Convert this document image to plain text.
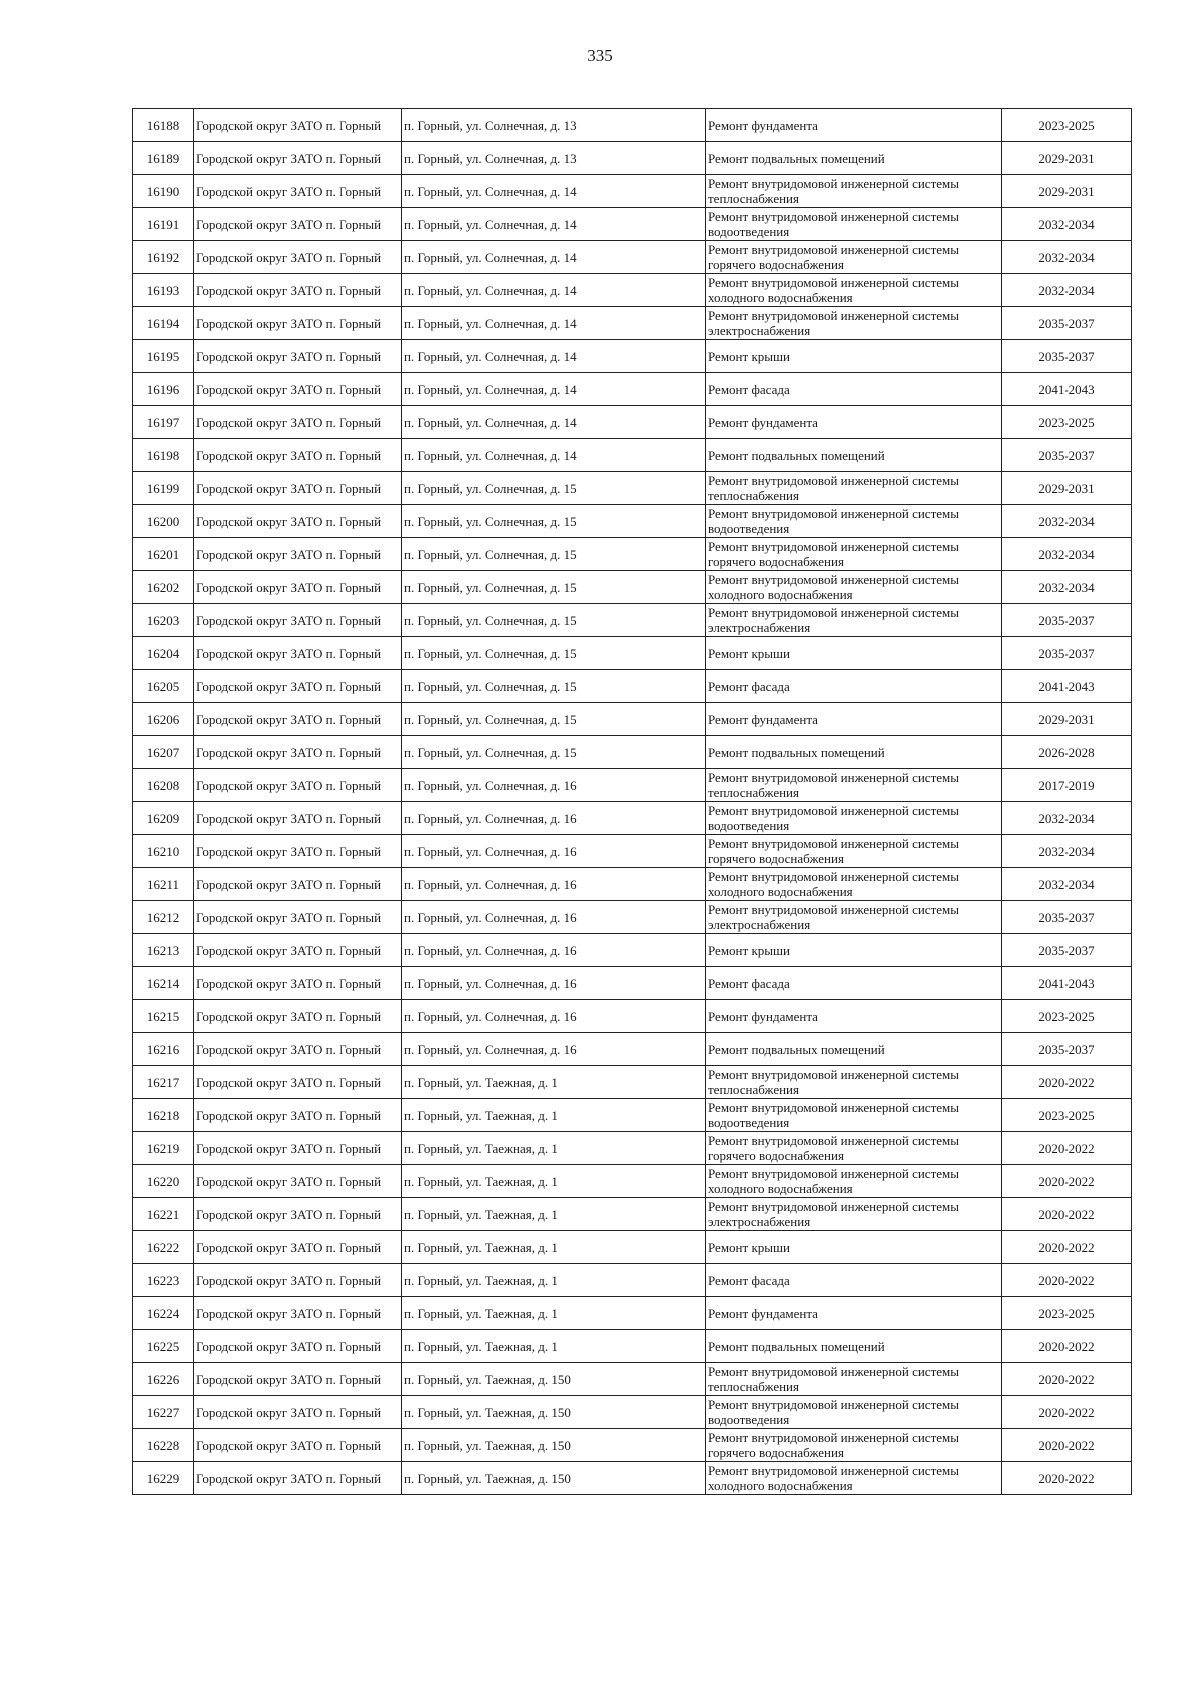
335
16188	Городской округ ЗАТО п. Горный	п. Горный, ул. Солнечная, д. 13	Ремонт фундамента	2023-2025
16189	Городской округ ЗАТО п. Горный	п. Горный, ул. Солнечная, д. 13	Ремонт подвальных помещений	2029-2031
16190	Городской округ ЗАТО п. Горный	п. Горный, ул. Солнечная, д. 14	Ремонт внутридомовой инженерной системы теплоснабжения	2029-2031
16191	Городской округ ЗАТО п. Горный	п. Горный, ул. Солнечная, д. 14	Ремонт внутридомовой инженерной системы водоотведения	2032-2034
16192	Городской округ ЗАТО п. Горный	п. Горный, ул. Солнечная, д. 14	Ремонт внутридомовой инженерной системы горячего водоснабжения	2032-2034
16193	Городской округ ЗАТО п. Горный	п. Горный, ул. Солнечная, д. 14	Ремонт внутридомовой инженерной системы холодного водоснабжения	2032-2034
16194	Городской округ ЗАТО п. Горный	п. Горный, ул. Солнечная, д. 14	Ремонт внутридомовой инженерной системы электроснабжения	2035-2037
16195	Городской округ ЗАТО п. Горный	п. Горный, ул. Солнечная, д. 14	Ремонт крыши	2035-2037
16196	Городской округ ЗАТО п. Горный	п. Горный, ул. Солнечная, д. 14	Ремонт фасада	2041-2043
16197	Городской округ ЗАТО п. Горный	п. Горный, ул. Солнечная, д. 14	Ремонт фундамента	2023-2025
16198	Городской округ ЗАТО п. Горный	п. Горный, ул. Солнечная, д. 14	Ремонт подвальных помещений	2035-2037
16199	Городской округ ЗАТО п. Горный	п. Горный, ул. Солнечная, д. 15	Ремонт внутридомовой инженерной системы теплоснабжения	2029-2031
16200	Городской округ ЗАТО п. Горный	п. Горный, ул. Солнечная, д. 15	Ремонт внутридомовой инженерной системы водоотведения	2032-2034
16201	Городской округ ЗАТО п. Горный	п. Горный, ул. Солнечная, д. 15	Ремонт внутридомовой инженерной системы горячего водоснабжения	2032-2034
16202	Городской округ ЗАТО п. Горный	п. Горный, ул. Солнечная, д. 15	Ремонт внутридомовой инженерной системы холодного водоснабжения	2032-2034
16203	Городской округ ЗАТО п. Горный	п. Горный, ул. Солнечная, д. 15	Ремонт внутридомовой инженерной системы электроснабжения	2035-2037
16204	Городской округ ЗАТО п. Горный	п. Горный, ул. Солнечная, д. 15	Ремонт крыши	2035-2037
16205	Городской округ ЗАТО п. Горный	п. Горный, ул. Солнечная, д. 15	Ремонт фасада	2041-2043
16206	Городской округ ЗАТО п. Горный	п. Горный, ул. Солнечная, д. 15	Ремонт фундамента	2029-2031
16207	Городской округ ЗАТО п. Горный	п. Горный, ул. Солнечная, д. 15	Ремонт подвальных помещений	2026-2028
16208	Городской округ ЗАТО п. Горный	п. Горный, ул. Солнечная, д. 16	Ремонт внутридомовой инженерной системы теплоснабжения	2017-2019
16209	Городской округ ЗАТО п. Горный	п. Горный, ул. Солнечная, д. 16	Ремонт внутридомовой инженерной системы водоотведения	2032-2034
16210	Городской округ ЗАТО п. Горный	п. Горный, ул. Солнечная, д. 16	Ремонт внутридомовой инженерной системы горячего водоснабжения	2032-2034
16211	Городской округ ЗАТО п. Горный	п. Горный, ул. Солнечная, д. 16	Ремонт внутридомовой инженерной системы холодного водоснабжения	2032-2034
16212	Городской округ ЗАТО п. Горный	п. Горный, ул. Солнечная, д. 16	Ремонт внутридомовой инженерной системы электроснабжения	2035-2037
16213	Городской округ ЗАТО п. Горный	п. Горный, ул. Солнечная, д. 16	Ремонт крыши	2035-2037
16214	Городской округ ЗАТО п. Горный	п. Горный, ул. Солнечная, д. 16	Ремонт фасада	2041-2043
16215	Городской округ ЗАТО п. Горный	п. Горный, ул. Солнечная, д. 16	Ремонт фундамента	2023-2025
16216	Городской округ ЗАТО п. Горный	п. Горный, ул. Солнечная, д. 16	Ремонт подвальных помещений	2035-2037
16217	Городской округ ЗАТО п. Горный	п. Горный, ул. Таежная, д. 1	Ремонт внутридомовой инженерной системы теплоснабжения	2020-2022
16218	Городской округ ЗАТО п. Горный	п. Горный, ул. Таежная, д. 1	Ремонт внутридомовой инженерной системы водоотведения	2023-2025
16219	Городской округ ЗАТО п. Горный	п. Горный, ул. Таежная, д. 1	Ремонт внутридомовой инженерной системы горячего водоснабжения	2020-2022
16220	Городской округ ЗАТО п. Горный	п. Горный, ул. Таежная, д. 1	Ремонт внутридомовой инженерной системы холодного водоснабжения	2020-2022
16221	Городской округ ЗАТО п. Горный	п. Горный, ул. Таежная, д. 1	Ремонт внутридомовой инженерной системы электроснабжения	2020-2022
16222	Городской округ ЗАТО п. Горный	п. Горный, ул. Таежная, д. 1	Ремонт крыши	2020-2022
16223	Городской округ ЗАТО п. Горный	п. Горный, ул. Таежная, д. 1	Ремонт фасада	2020-2022
16224	Городской округ ЗАТО п. Горный	п. Горный, ул. Таежная, д. 1	Ремонт фундамента	2023-2025
16225	Городской округ ЗАТО п. Горный	п. Горный, ул. Таежная, д. 1	Ремонт подвальных помещений	2020-2022
16226	Городской округ ЗАТО п. Горный	п. Горный, ул. Таежная, д. 150	Ремонт внутридомовой инженерной системы теплоснабжения	2020-2022
16227	Городской округ ЗАТО п. Горный	п. Горный, ул. Таежная, д. 150	Ремонт внутридомовой инженерной системы водоотведения	2020-2022
16228	Городской округ ЗАТО п. Горный	п. Горный, ул. Таежная, д. 150	Ремонт внутридомовой инженерной системы горячего водоснабжения	2020-2022
16229	Городской округ ЗАТО п. Горный	п. Горный, ул. Таежная, д. 150	Ремонт внутридомовой инженерной системы холодного водоснабжения	2020-2022
